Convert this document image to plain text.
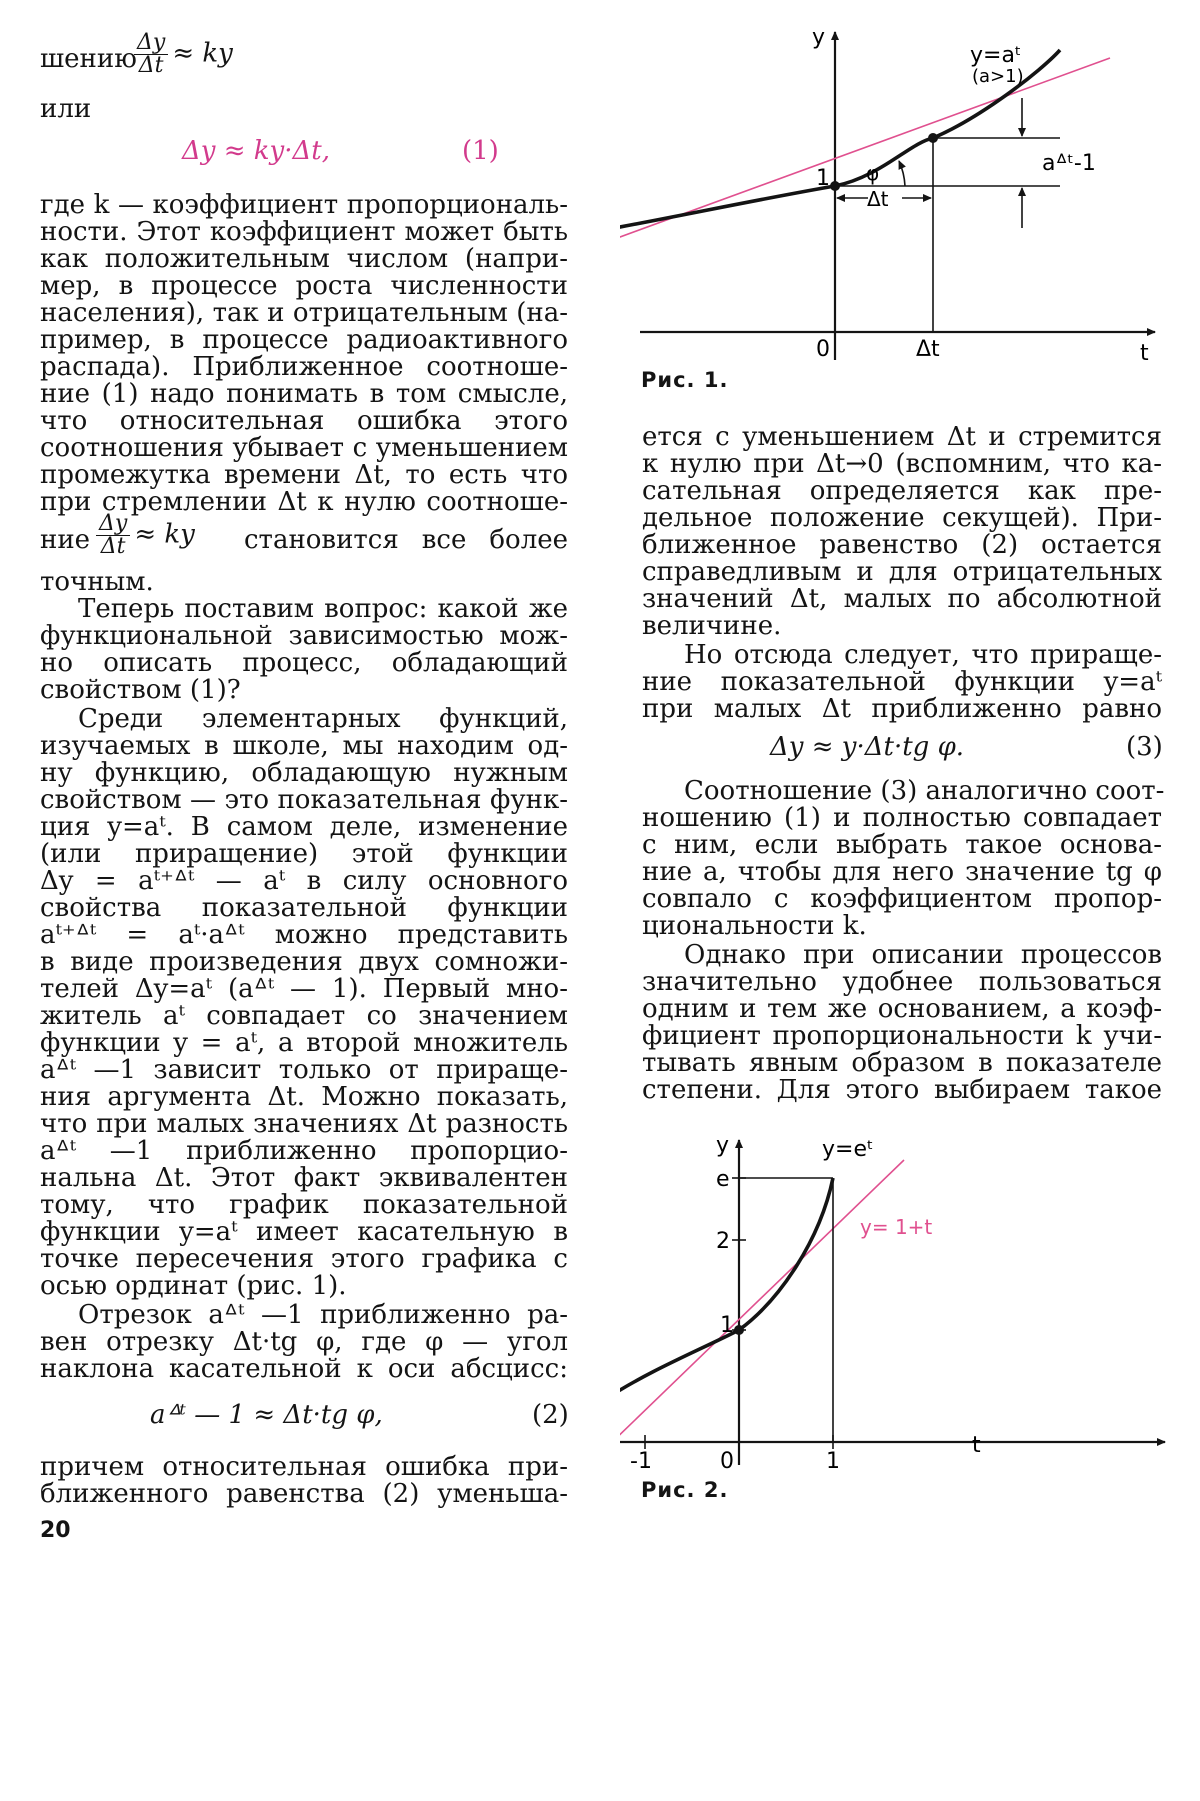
шению
$\frac{\Delta y}{\Delta t}$ ≈ ky
или
Δy ≈ ky·Δt,	(1)
где k — коэффициент пропорциональ-
ности. Этот коэффициент может быть
как положительным числом (напри-
мер, в процессе роста численности
населения), так и отрицательным (на-
пример, в процессе радиоактивного
распада). Приближенное соотноше-
ние (1) надо понимать в том смысле,
что относительная ошибка этого
соотношения убывает с уменьшением
промежутка времени Δt, то есть что
при стремлении Δt к нулю соотноше-
ние $\frac{\Delta y}{\Delta t}$ ≈ ky становится все более
точным.
Теперь поставим вопрос: какой же
функциональной зависимостью мож-
но описать процесс, обладающий
свойством (1)?
Среди элементарных функций,
изучаемых в школе, мы находим од-
ну функцию, обладающую нужным
свойством — это показательная функ-
ция y=aᵗ. В самом деле, изменение
(или приращение) этой функции
Δy = aᵗ⁺ᐞᵗ — aᵗ в силу основного
свойства показательной функции
aᵗ⁺ᐞᵗ = aᵗ·aᐞᵗ можно представить
в виде произведения двух сомножи-
телей Δy=aᵗ (aᐞᵗ — 1). Первый мно-
житель aᵗ совпадает со значением
функции y = aᵗ, а второй множитель
aᐞᵗ —1 зависит только от прираще-
ния аргумента Δt. Можно показать,
что при малых значениях Δt разность
aᐞᵗ —1 приближенно пропорцио-
нальна Δt. Этот факт эквивалентен
тому, что график показательной
функции y=aᵗ имеет касательную в
точке пересечения этого графика с
осью ординат (рис. 1).
Отрезок aᐞᵗ —1 приближенно ра-
вен отрезку Δt·tg φ, где φ — угол
наклона касательной к оси абсцисс:
aᐞᵗ — 1 ≈ Δt·tg φ,	(2)
причем относительная ошибка при-
ближенного равенства (2) уменьша-
20
y
t
0
1
Δt
y=aᵗ
(a>1)
aᐞᵗ-1
φ
Δt
Рис. 1.
ется с уменьшением Δt и стремится
к нулю при Δt→0 (вспомним, что ка-
сательная определяется как пре-
дельное положение секущей). При-
ближенное равенство (2) остается
справедливым и для отрицательных
значений Δt, малых по абсолютной
величине.
Но отсюда следует, что прираще-
ние показательной функции y=aᵗ
при малых Δt приближенно равно
Δy ≈ y·Δt·tg φ.	(3)
Соотношение (3) аналогично соот-
ношению (1) и полностью совпадает
с ним, если выбрать такое основа-
ние a, чтобы для него значение tg φ
совпало с коэффициентом пропор-
циональности k.
Однако при описании процессов
значительно удобнее пользоваться
одним и тем же основанием, а коэф-
фициент пропорциональности k учи-
тывать явным образом в показателе
степени. Для этого выбираем такое
y
t
y=eᵗ
y= 1+t
e
2
1
-1	0	1
Рис. 2.
